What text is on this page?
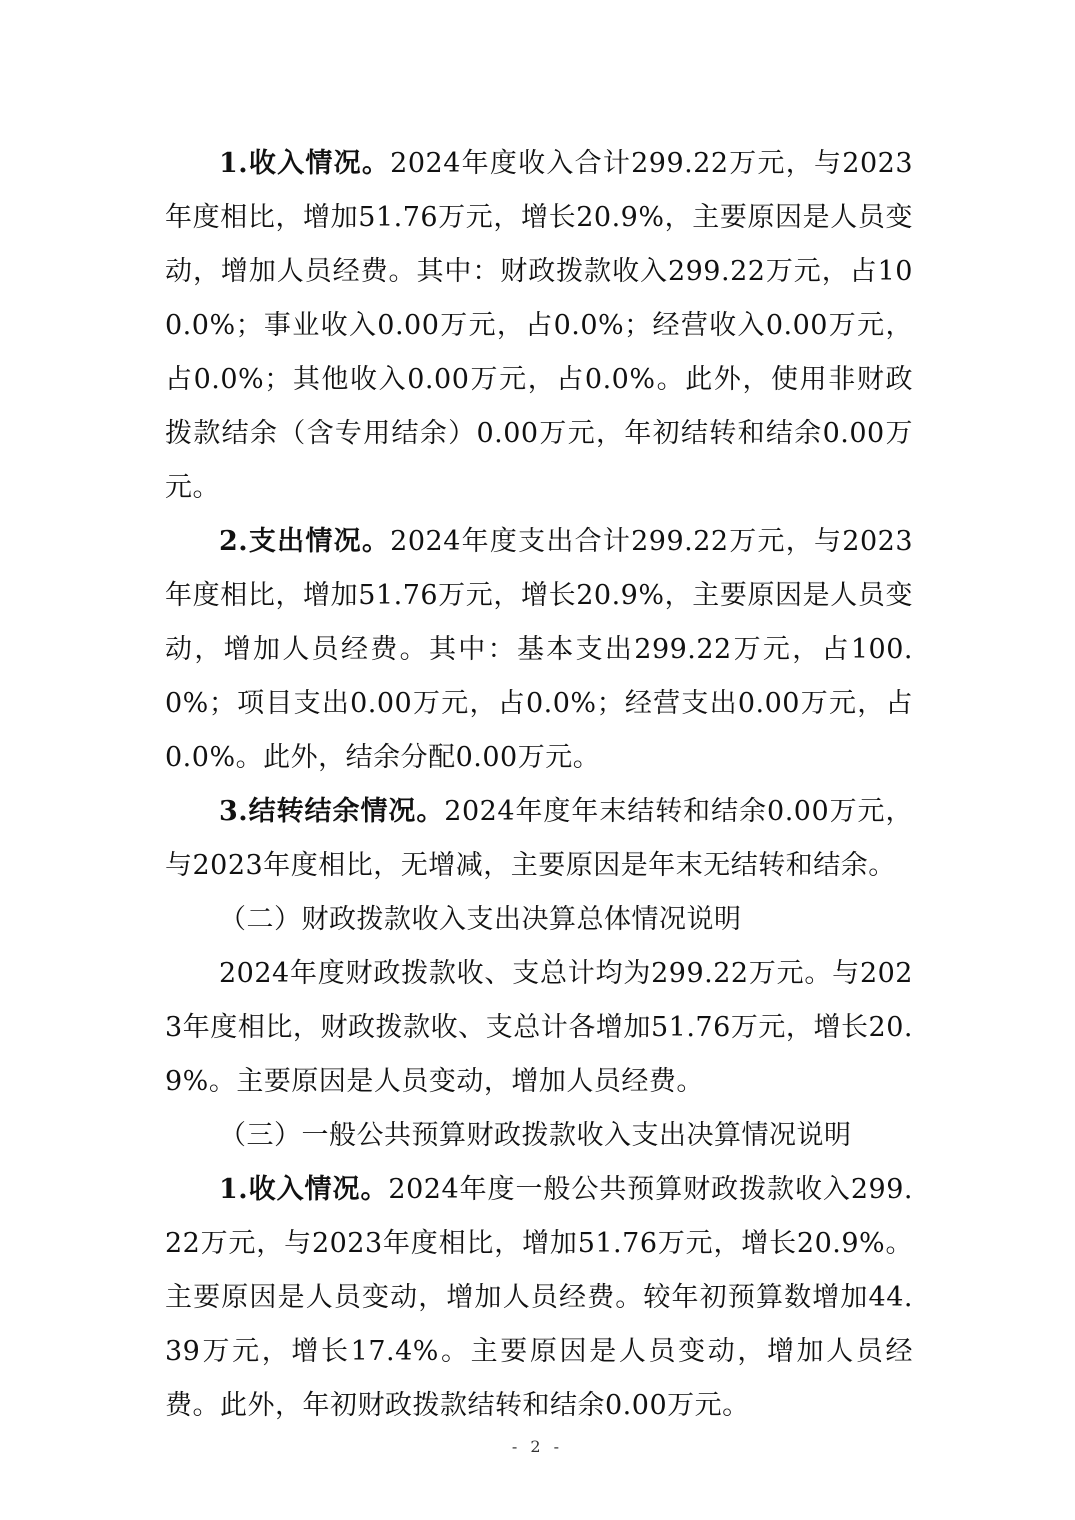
1.收入情况。2024年度收入合计299.22万元，与2023年度相比，增加51.76万元，增长20.9%，主要原因是人员变动，增加人员经费。其中：财政拨款收入299.22万元，占100.0%；事业收入0.00万元，占0.0%；经营收入0.00万元，占0.0%；其他收入0.00万元，占0.0%。此外，使用非财政拨款结余（含专用结余）0.00万元，年初结转和结余0.00万元。

2.支出情况。2024年度支出合计299.22万元，与2023年度相比，增加51.76万元，增长20.9%，主要原因是人员变动，增加人员经费。其中：基本支出299.22万元，占100.0%；项目支出0.00万元，占0.0%；经营支出0.00万元，占0.0%。此外，结余分配0.00万元。

3.结转结余情况。2024年度年末结转和结余0.00万元，与2023年度相比，无增减，主要原因是年末无结转和结余。

（二）财政拨款收入支出决算总体情况说明

2024年度财政拨款收、支总计均为299.22万元。与2023年度相比，财政拨款收、支总计各增加51.76万元，增长20.9%。主要原因是人员变动，增加人员经费。

（三）一般公共预算财政拨款收入支出决算情况说明

1.收入情况。2024年度一般公共预算财政拨款收入299.22万元，与2023年度相比，增加51.76万元，增长20.9%。主要原因是人员变动，增加人员经费。较年初预算数增加44.39万元，增长17.4%。主要原因是人员变动，增加人员经费。此外，年初财政拨款结转和结余0.00万元。

- 2 -
